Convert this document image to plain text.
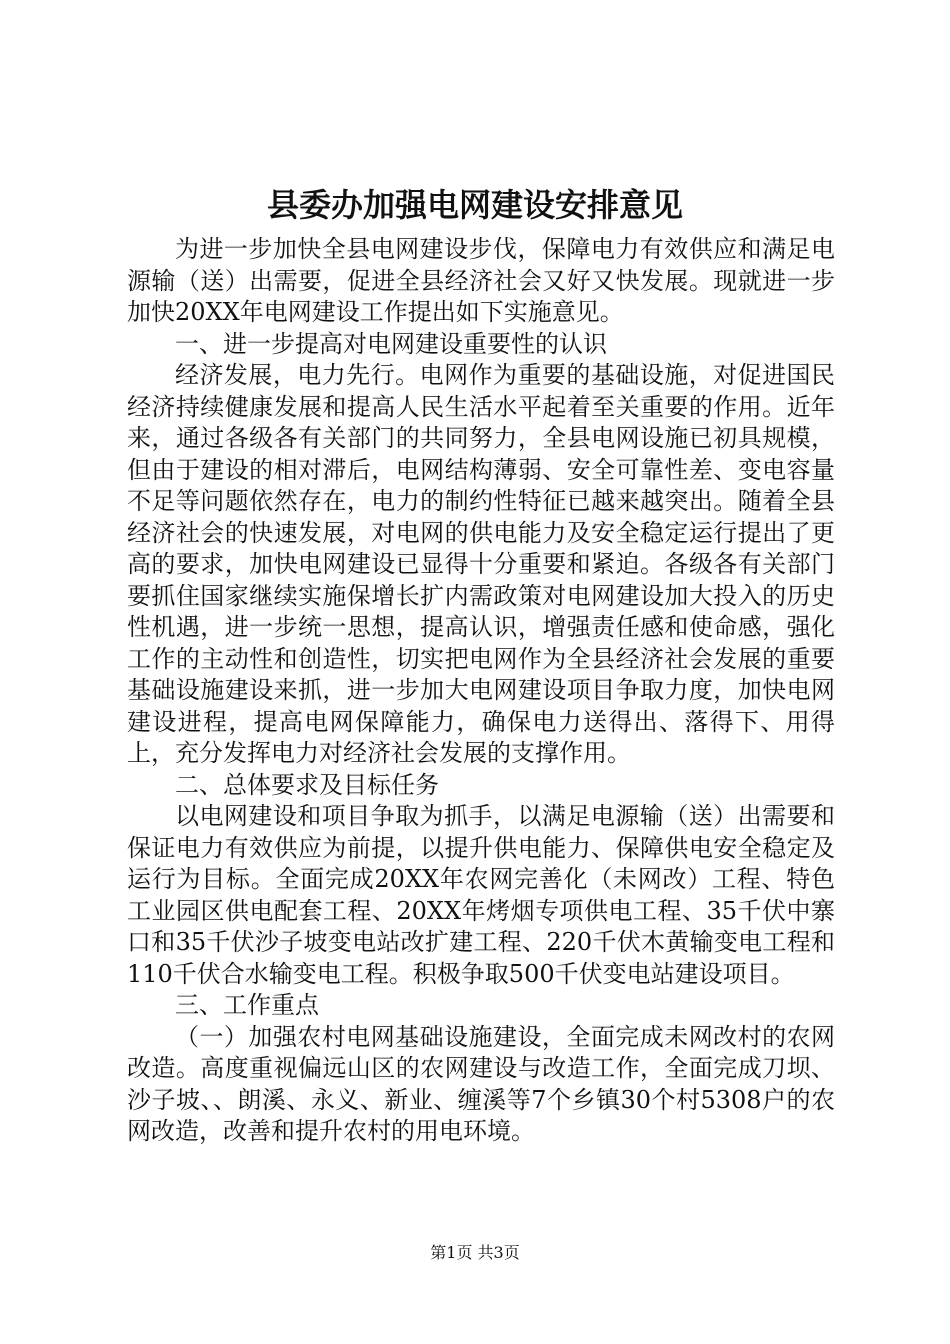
县委办加强电网建设安排意见

为进一步加快全县电网建设步伐，保障电力有效供应和满足电源输（送）出需要，促进全县经济社会又好又快发展。现就进一步加快20XX年电网建设工作提出如下实施意见。

一、进一步提高对电网建设重要性的认识

经济发展，电力先行。电网作为重要的基础设施，对促进国民经济持续健康发展和提高人民生活水平起着至关重要的作用。近年来，通过各级各有关部门的共同努力，全县电网设施已初具规模，但由于建设的相对滞后，电网结构薄弱、安全可靠性差、变电容量不足等问题依然存在，电力的制约性特征已越来越突出。随着全县经济社会的快速发展，对电网的供电能力及安全稳定运行提出了更高的要求，加快电网建设已显得十分重要和紧迫。各级各有关部门要抓住国家继续实施保增长扩内需政策对电网建设加大投入的历史性机遇，进一步统一思想，提高认识，增强责任感和使命感，强化工作的主动性和创造性，切实把电网作为全县经济社会发展的重要基础设施建设来抓，进一步加大电网建设项目争取力度，加快电网建设进程，提高电网保障能力，确保电力送得出、落得下、用得上，充分发挥电力对经济社会发展的支撑作用。

二、总体要求及目标任务

以电网建设和项目争取为抓手，以满足电源输（送）出需要和保证电力有效供应为前提，以提升供电能力、保障供电安全稳定及运行为目标。全面完成20XX年农网完善化（未网改）工程、特色工业园区供电配套工程、20XX年烤烟专项供电工程、35千伏中寨口和35千伏沙子坡变电站改扩建工程、220千伏木黄输变电工程和110千伏合水输变电工程。积极争取500千伏变电站建设项目。

三、工作重点

（一）加强农村电网基础设施建设，全面完成未网改村的农网改造。高度重视偏远山区的农网建设与改造工作，全面完成刀坝、沙子坡、、朗溪、永义、新业、缠溪等7个乡镇30个村5308户的农网改造，改善和提升农村的用电环境。

第1页 共3页
